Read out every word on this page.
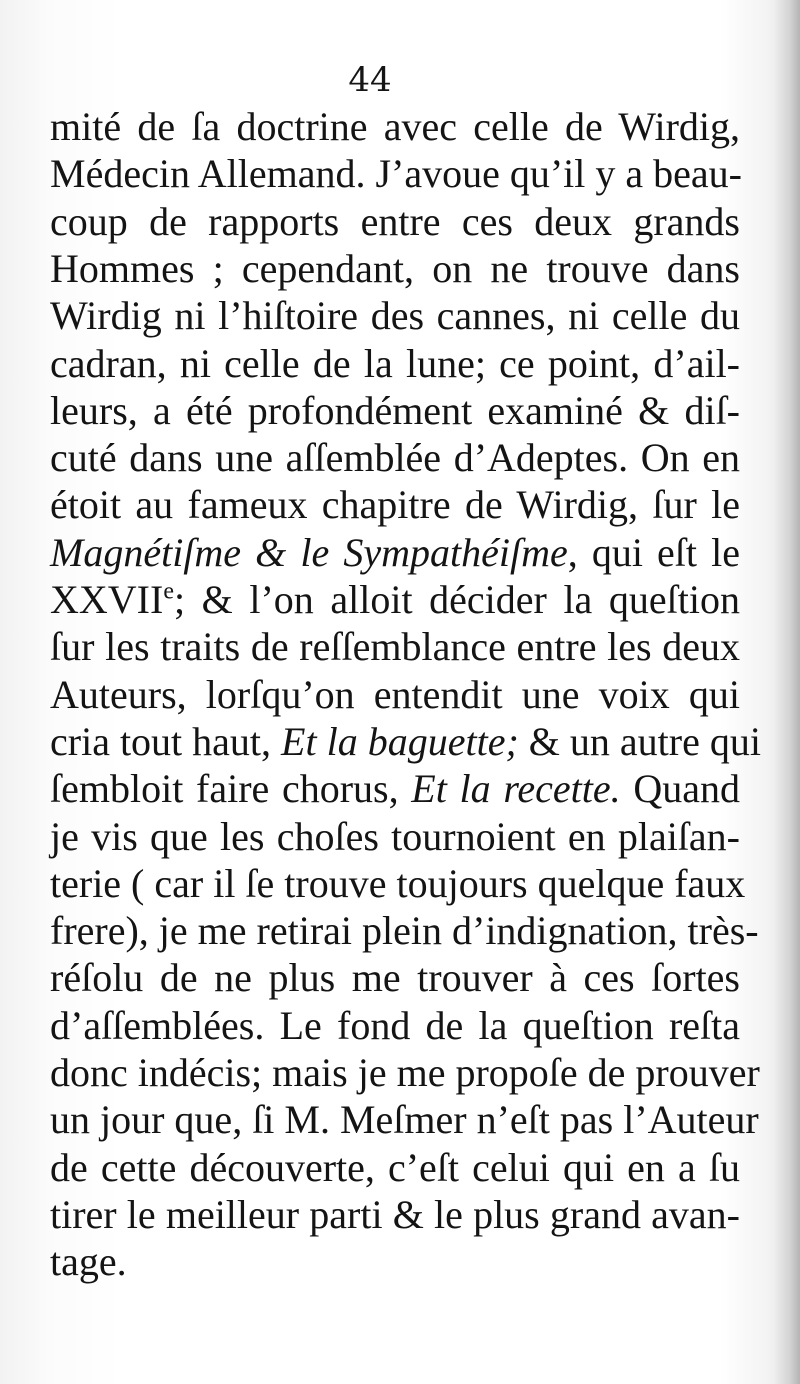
44
mité de ſa doctrine avec celle de Wirdig,
Médecin Allemand. J’avoue qu’il y a beau-
coup de rapports entre ces deux grands
Hommes ; cependant, on ne trouve dans
Wirdig ni l’hiſtoire des cannes, ni celle du
cadran, ni celle de la lune; ce point, d’ail-
leurs, a été profondément examiné & diſ-
cuté dans une aſſemblée d’Adeptes. On en
étoit au fameux chapitre de Wirdig, ſur le
Magnétiſme & le Sympathéiſme, qui eſt le
XXVIIe; & l’on alloit décider la queſtion
ſur les traits de reſſemblance entre les deux
Auteurs, lorſqu’on entendit une voix qui
cria tout haut, Et la baguette; & un autre qui
ſembloit faire chorus, Et la recette. Quand
je vis que les choſes tournoient en plaiſan-
terie ( car il ſe trouve toujours quelque faux
frere), je me retirai plein d’indignation, très-
réſolu de ne plus me trouver à ces ſortes
d’aſſemblées. Le fond de la queſtion reſta
donc indécis; mais je me propoſe de prouver
un jour que, ſi M. Meſmer n’eſt pas l’Auteur
de cette découverte, c’eſt celui qui en a ſu
tirer le meilleur parti & le plus grand avan-
tage.
